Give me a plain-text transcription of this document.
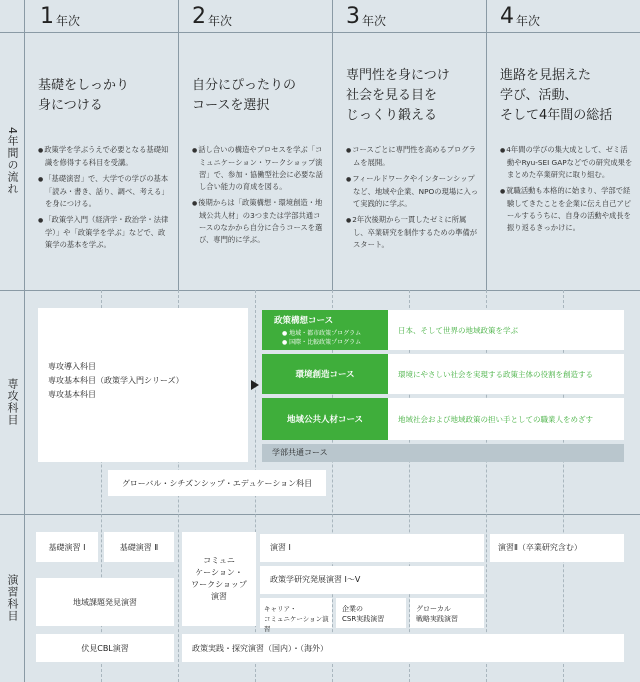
1 年次	2 年次	3 年次	4 年次
4年間の流れ
専攻科目
演習科目
基礎をしっかり
身につける
● 政策学を学ぶうえで必要となる基礎知識を修得する科目を受講。
● 「基礎演習」で、大学での学びの基本「読み・書き、話り、調べ、考える」を身につける。
● 「政策学入門（経済学・政治学・法律学）」や「政策学を学ぶ」などで、政策学の基本を学ぶ。
自分にぴったりの
コースを選択
● 話し合いの構造やプロセスを学ぶ「コミュニケーション・ワークショップ演習」で、参加・協働型社会に必要な話し合い能力の育成を図る。
● 後期からは「政策構想・環境創造・地域公共人材」の3つまたは学部共通コースのなかから自分に合うコースを選び、専門的に学ぶ。
専門性を身につけ
社会を見る目を
じっくり鍛える
● コースごとに専門性を高めるプログラムを展開。
● フィールドワークやインターンシップなど、地域や企業、NPOの現場に入って実践的に学ぶ。
● 2年次後期から一貫したゼミに所属し、卒業研究を制作するための準備がスタート。
進路を見据えた
学び、活動、
そして4年間の総括
● 4年間の学びの集大成として、ゼミ活動やRyu-SEI GAPなどでの研究成果をまとめた卒業研究に取り組む。
● 就職活動も本格的に始まり、学部で経験してきたことを企業に伝え自己アピールするうちに、自身の活動や成長を振り返るきっかけに。
専攻導入科目
専攻基本科目（政策学入門シリーズ）
専攻基本科目
政策構想コース
● 地域・都市政策プログラム
● 国際・比較政策プログラム
日本、そして世界の地域政策を学ぶ
環境創造コース	環境にやさしい社会を実現する政策主体の役割を創造する
地域公共人材コース	地域社会および地域政策の担い手としての職業人をめざす
学部共通コース
グローバル・シチズンシップ・エデュケーション科目
基礎演習 Ⅰ	基礎演習 Ⅱ
地域課題発見演習
伏見CBL演習
コミュニ
ケーション・
ワークショップ
演習
演習 Ⅰ	演習Ⅱ（卒業研究含む）
政策学研究発展演習 Ⅰ～Ⅴ
キャリア・
コミュニケーション演習
企業の
CSR実践演習
グローカル
戦略実践演習
政策実践・探究演習（国内）・（海外）
